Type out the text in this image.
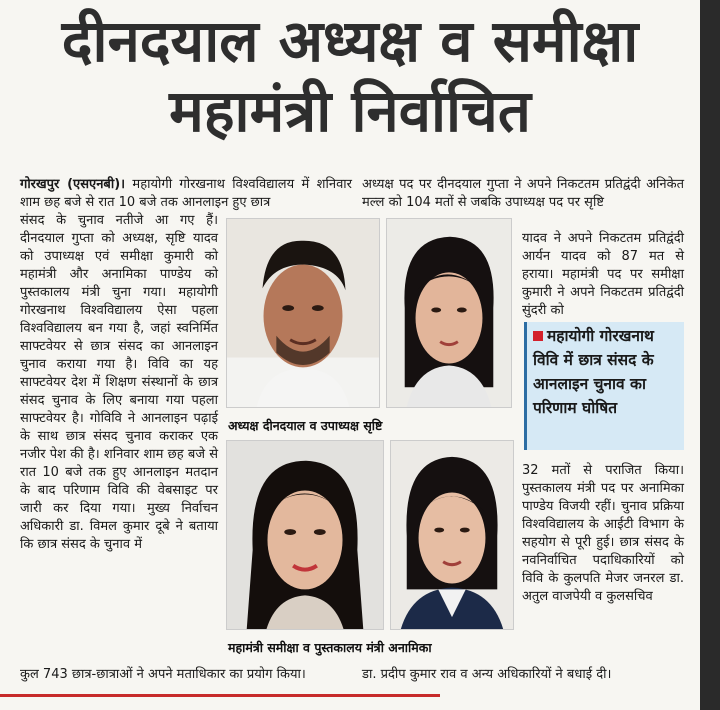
दीनदयाल अध्यक्ष व समीक्षा
महामंत्री निर्वाचित
गोरखपुर (एसएनबी)। महायोगी गोरखनाथ विश्वविद्यालय में शनिवार शाम छह बजे से रात 10 बजे तक आनलाइन हुए छात्र

संसद के चुनाव नतीजे आ गए हैं। दीनदयाल गुप्ता को अध्यक्ष, सृष्टि यादव को उपाध्यक्ष एवं समीक्षा कुमारी को महामंत्री और अनामिका पाण्डेय को पुस्तकालय मंत्री चुना गया। महायोगी गोरखनाथ विश्वविद्यालय ऐसा पहला विश्वविद्यालय बन गया है, जहां स्वनिर्मित साफ्टवेयर से छात्र संसद का आनलाइन चुनाव कराया गया है। विवि का यह साफ्टवेयर देश में शिक्षण संस्थानों के छात्र संसद चुनाव के लिए बनाया गया पहला साफ्टवेयर है। गोविवि ने आनलाइन पढ़ाई के साथ छात्र संसद चुनाव कराकर एक नजीर पेश की है। शनिवार शाम छह बजे से रात 10 बजे तक हुए आनलाइन मतदान के बाद परिणाम विवि की वेबसाइट पर जारी कर दिया गया। मुख्य निर्वाचन अधिकारी डा. विमल कुमार दूबे ने बताया कि छात्र संसद के चुनाव में

कुल 743 छात्र-छात्राओं ने अपने मताधिकार का प्रयोग किया।

अध्यक्ष पद पर दीनदयाल गुप्ता ने अपने निकटतम प्रतिद्वंदी अनिकेत मल्ल को 104 मतों से जबकि उपाध्यक्ष पद पर सृष्टि

यादव ने अपने निकटतम प्रतिद्वंदी आर्यन यादव को 87 मत से हराया। महामंत्री पद पर समीक्षा कुमारी ने अपने निकटतम प्रतिद्वंदी सुंदरी को

महायोगी गोरखनाथ विवि में छात्र संसद के आनलाइन चुनाव का परिणाम घोषित

32 मतों से पराजित किया। पुस्तकालय मंत्री पद पर अनामिका पाण्डेय विजयी रहीं। चुनाव प्रक्रिया विश्वविद्यालय के आईटी विभाग के सहयोग से पूरी हुई। छात्र संसद के नवनिर्वाचित पदाधिकारियों को विवि के कुलपति मेजर जनरल डा. अतुल वाजपेयी व कुलसचिव

डा. प्रदीप कुमार राव व अन्य अधिकारियों ने बधाई दी।

अध्यक्ष दीनदयाल व उपाध्यक्ष सृष्टि
महामंत्री समीक्षा व पुस्तकालय मंत्री अनामिका
